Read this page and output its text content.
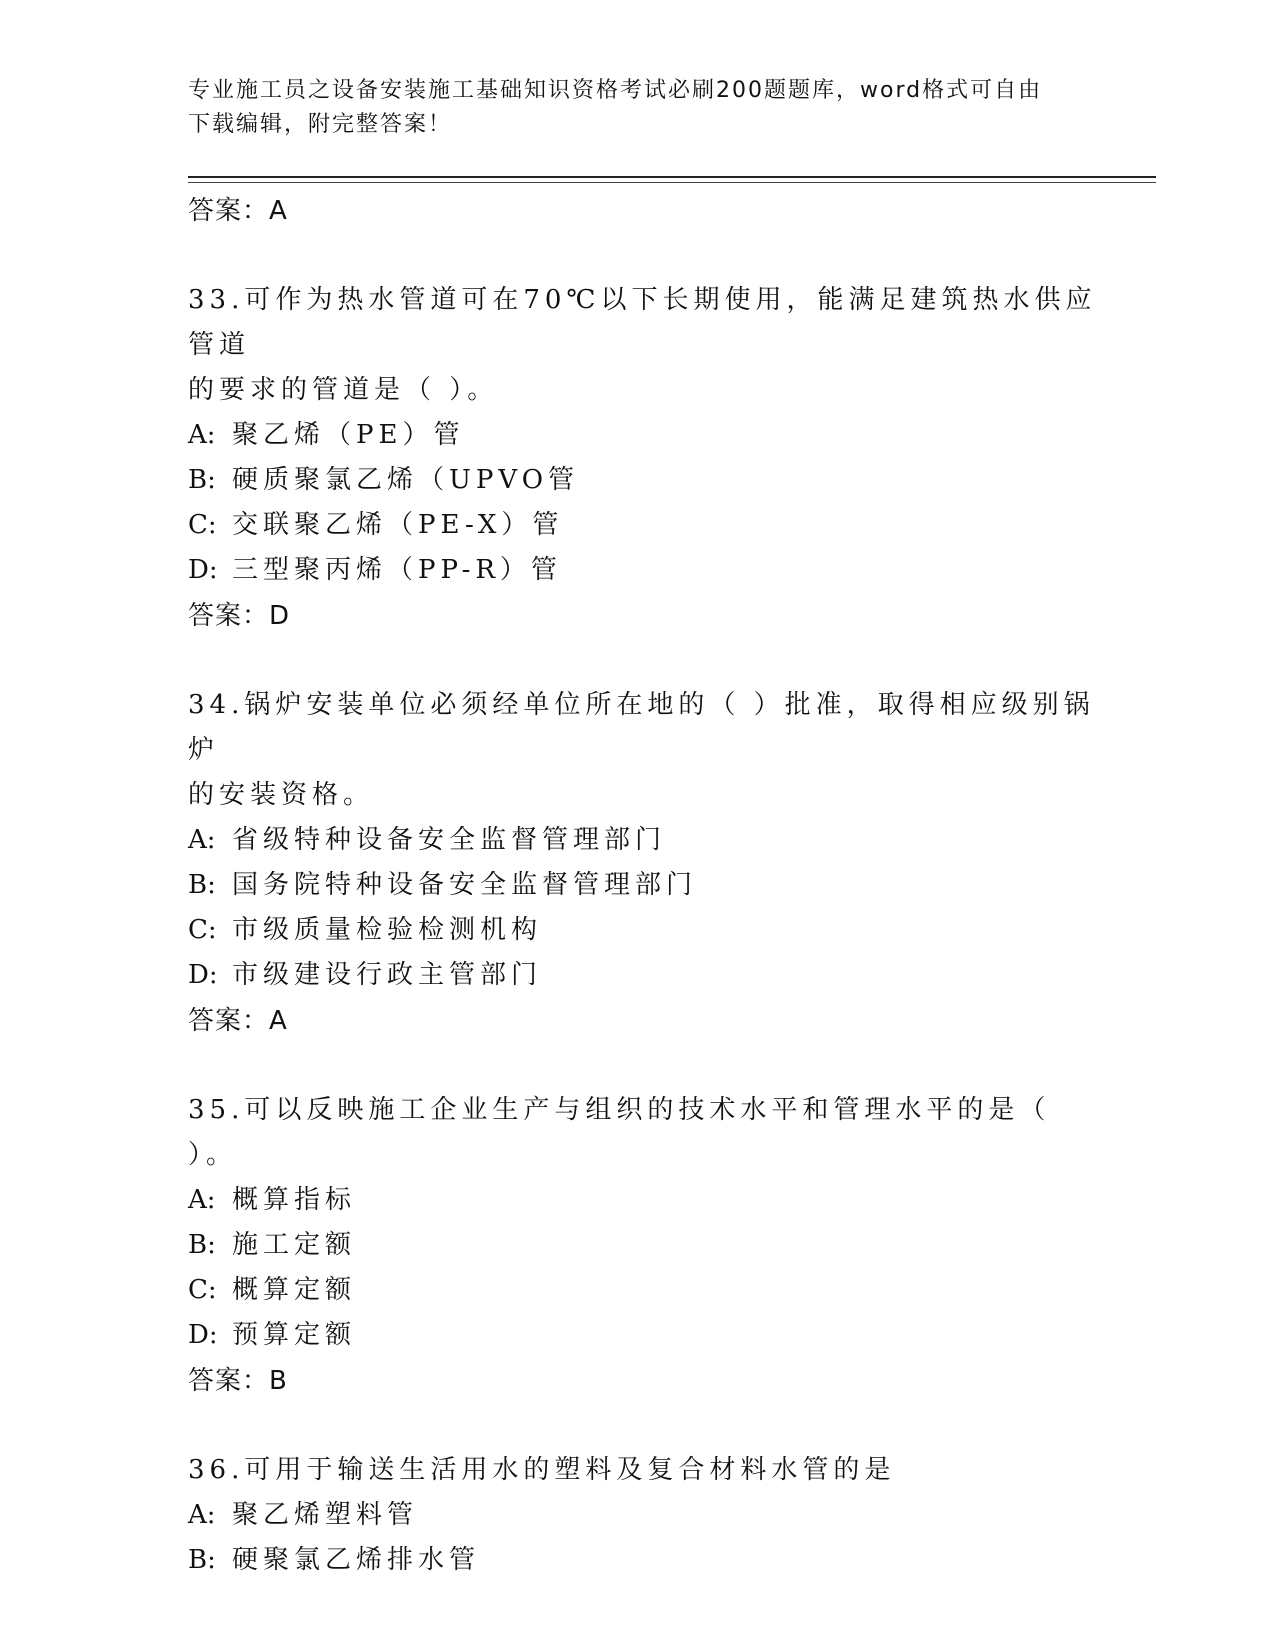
专业施工员之设备安装施工基础知识资格考试必刷200题题库，word格式可自由
下载编辑，附完整答案！
答案：A
33.可作为热水管道可在70℃以下长期使用，能满足建筑热水供应管道
的要求的管道是（ ）。
A: 聚乙烯（PE）管
B: 硬质聚氯乙烯（UPVO管
C: 交联聚乙烯（PE-X）管
D: 三型聚丙烯（PP-R）管
答案：D
34.锅炉安装单位必须经单位所在地的（ ）批准，取得相应级别锅炉
的安装资格。
A: 省级特种设备安全监督管理部门
B: 国务院特种设备安全监督管理部门
C: 市级质量检验检测机构
D: 市级建设行政主管部门
答案：A
35.可以反映施工企业生产与组织的技术水平和管理水平的是（ ）。
A: 概算指标
B: 施工定额
C: 概算定额
D: 预算定额
答案：B
36.可用于输送生活用水的塑料及复合材料水管的是
A: 聚乙烯塑料管
B: 硬聚氯乙烯排水管
